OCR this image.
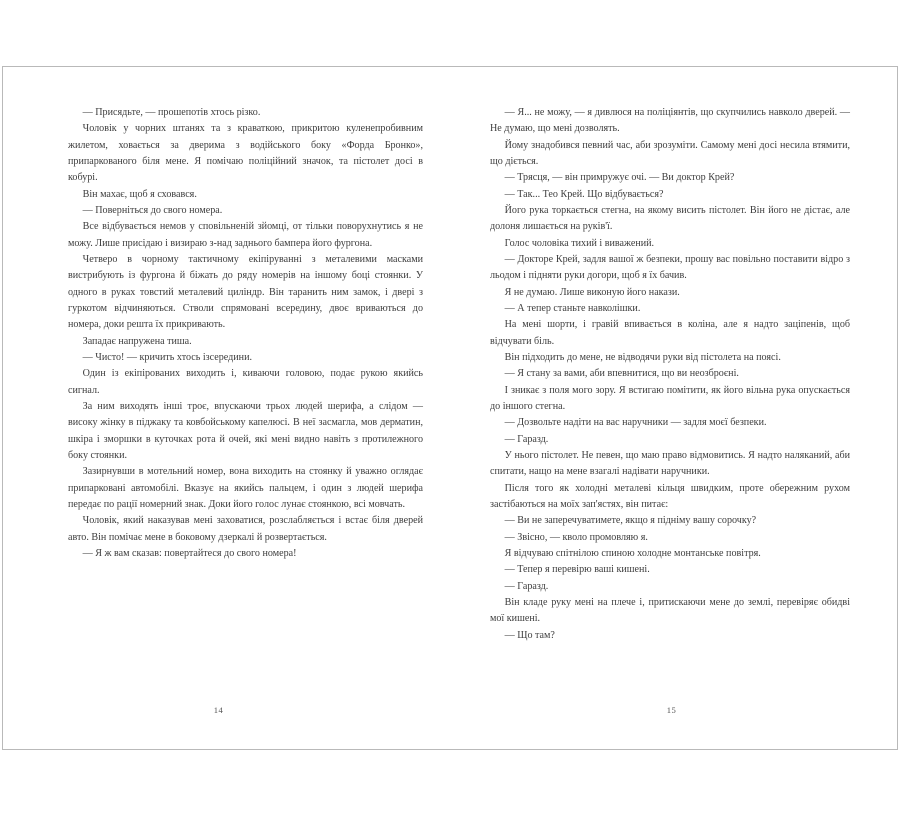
— Присядьте, — прошепотів хтось різко.

Чоловік у чорних штанях та з краваткою, прикритою куленепробивним жилетом, ховається за дверима з водійського боку «Форда Бронко», припаркованого біля мене. Я помічаю поліційний значок, та пістолет досі в кобурі.

Він махає, щоб я сховався.

— Поверніться до свого номера.

Все відбувається немов у сповільненій зйомці, от тільки поворухнутись я не можу. Лише присідаю і визираю з-над заднього бампера його фургона.

Четверо в чорному тактичному екіпіруванні з металевими масками вистрибують із фургона й біжать до ряду номерів на іншому боці стоянки. У одного в руках товстий металевий циліндр. Він таранить ним замок, і двері з гуркотом відчиняються. Стволи спрямовані всередину, двоє вриваються до номера, доки решта їх прикривають.

Западає напружена тиша.

— Чисто! — кричить хтось ізсередини.

Один із екіпірованих виходить і, киваючи головою, подає рукою якийсь сигнал.

За ним виходять інші троє, впускаючи трьох людей шерифа, а слідом — високу жінку в піджаку та ковбойському капелюсі. В неї засмагла, мов дерматин, шкіра і зморшки в куточках рота й очей, які мені видно навіть з протилежного боку стоянки.

Зазирнувши в мотельний номер, вона виходить на стоянку й уважно оглядає припарковані автомобілі. Вказує на якийсь пальцем, і один з людей шерифа передає по рації номерний знак. Доки його голос лунає стоянкою, всі мовчать.

Чоловік, який наказував мені заховатися, розслабляється і встає біля дверей авто. Він помічає мене в боковому дзеркалі й розвертається.

— Я ж вам сказав: повертайтеся до свого номера!

14

— Я... не можу, — я дивлюся на поліціянтів, що скупчились навколо дверей. — Не думаю, що мені дозволять.

Йому знадобився певний час, аби зрозуміти. Самому мені досі несила втямити, що діється.

— Трясця, — він примружує очі. — Ви доктор Крей?

— Так... Тео Крей. Що відбувається?

Його рука торкається стегна, на якому висить пістолет. Він його не дістає, але долоня лишається на руків'ї.

Голос чоловіка тихий і виважений.

— Докторе Крей, задля вашої ж безпеки, прошу вас повільно поставити відро з льодом і підняти руки догори, щоб я їх бачив.

Я не думаю. Лише виконую його накази.

— А тепер станьте навколішки.

На мені шорти, і гравій впивається в коліна, але я надто заціпенів, щоб відчувати біль.

Він підходить до мене, не відводячи руки від пістолета на поясі.

— Я стану за вами, аби впевнитися, що ви неозброєні.

І зникає з поля мого зору. Я встигаю помітити, як його вільна рука опускається до іншого стегна.

— Дозвольте надіти на вас наручники — задля моєї безпеки.

— Гаразд.

У нього пістолет. Не певен, що маю право відмовитись. Я надто наляканий, аби спитати, нащо на мене взагалі надівати наручники.

Після того як холодні металеві кільця швидким, проте обережним рухом застібаються на моїх зап'ястях, він питає:

— Ви не заперечуватимете, якщо я підніму вашу сорочку?

— Звісно, — кволо промовляю я.

Я відчуваю спітнілою спиною холодне монтанське повітря.

— Тепер я перевірю ваші кишені.

— Гаразд.

Він кладе руку мені на плече і, притискаючи мене до землі, перевіряє обидві мої кишені.

— Що там?

15
